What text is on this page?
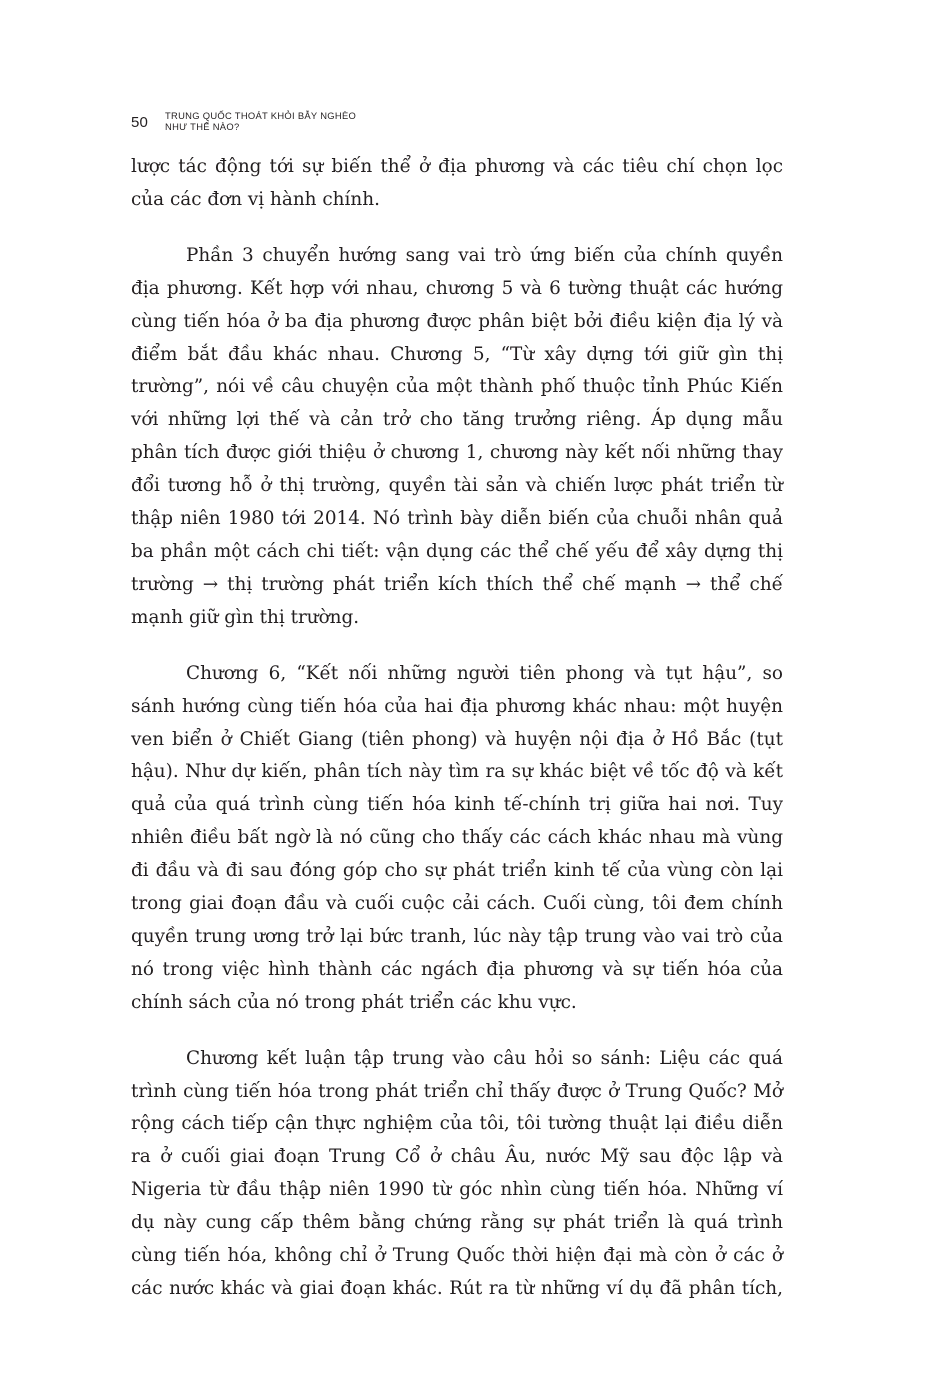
50 TRUNG QUỐC THOÁT KHỎI BẪY NGHÈO
NHƯ THẾ NÀO?

lược tác động tới sự biến thể ở địa phương và các tiêu chí chọn lọc của các đơn vị hành chính.

Phần 3 chuyển hướng sang vai trò ứng biến của chính quyền địa phương. Kết hợp với nhau, chương 5 và 6 tường thuật các hướng cùng tiến hóa ở ba địa phương được phân biệt bởi điều kiện địa lý và điểm bắt đầu khác nhau. Chương 5, “Từ xây dựng tới giữ gìn thị trường”, nói về câu chuyện của một thành phố thuộc tỉnh Phúc Kiến với những lợi thế và cản trở cho tăng trưởng riêng. Áp dụng mẫu phân tích được giới thiệu ở chương 1, chương này kết nối những thay đổi tương hỗ ở thị trường, quyền tài sản và chiến lược phát triển từ thập niên 1980 tới 2014. Nó trình bày diễn biến của chuỗi nhân quả ba phần một cách chi tiết: vận dụng các thể chế yếu để xây dựng thị trường → thị trường phát triển kích thích thể chế mạnh → thể chế mạnh giữ gìn thị trường.

Chương 6, “Kết nối những người tiên phong và tụt hậu”, so sánh hướng cùng tiến hóa của hai địa phương khác nhau: một huyện ven biển ở Chiết Giang (tiên phong) và huyện nội địa ở Hồ Bắc (tụt hậu). Như dự kiến, phân tích này tìm ra sự khác biệt về tốc độ và kết quả của quá trình cùng tiến hóa kinh tế-chính trị giữa hai nơi. Tuy nhiên điều bất ngờ là nó cũng cho thấy các cách khác nhau mà vùng đi đầu và đi sau đóng góp cho sự phát triển kinh tế của vùng còn lại trong giai đoạn đầu và cuối cuộc cải cách. Cuối cùng, tôi đem chính quyền trung ương trở lại bức tranh, lúc này tập trung vào vai trò của nó trong việc hình thành các ngách địa phương và sự tiến hóa của chính sách của nó trong phát triển các khu vực.

Chương kết luận tập trung vào câu hỏi so sánh: Liệu các quá trình cùng tiến hóa trong phát triển chỉ thấy được ở Trung Quốc? Mở rộng cách tiếp cận thực nghiệm của tôi, tôi tường thuật lại điều diễn ra ở cuối giai đoạn Trung Cổ ở châu Âu, nước Mỹ sau độc lập và Nigeria từ đầu thập niên 1990 từ góc nhìn cùng tiến hóa. Những ví dụ này cung cấp thêm bằng chứng rằng sự phát triển là quá trình cùng tiến hóa, không chỉ ở Trung Quốc thời hiện đại mà còn ở các ở các nước khác và giai đoạn khác. Rút ra từ những ví dụ đã phân tích,
